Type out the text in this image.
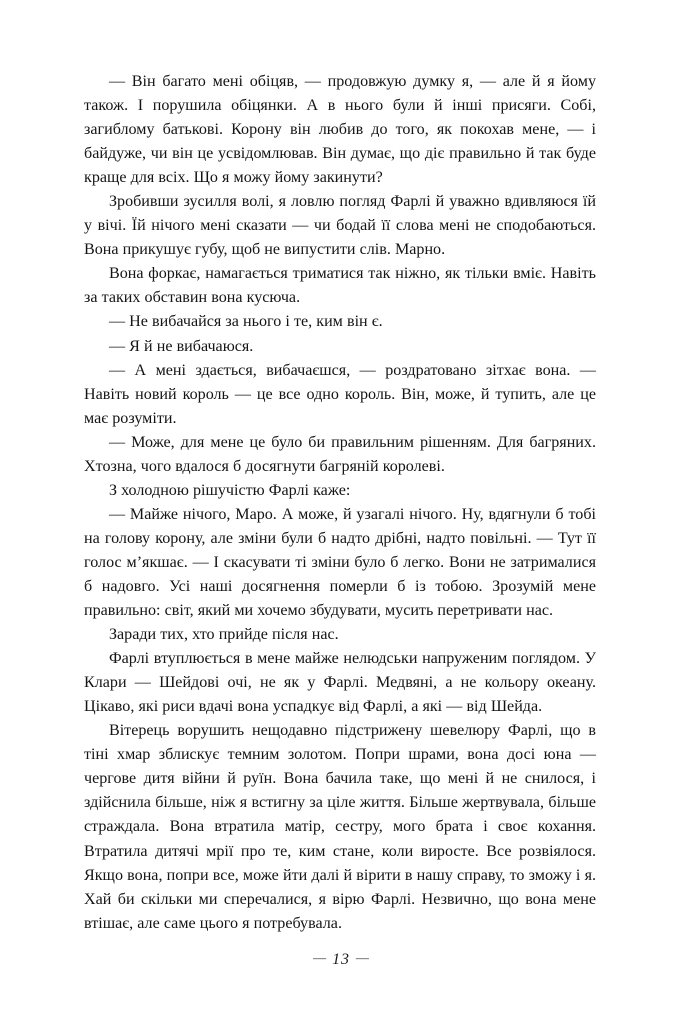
— Він багато мені обіцяв, — продовжую думку я, — але й я йому також. І порушила обіцянки. А в нього були й інші присяги. Собі, загиблому батькові. Корону він любив до того, як покохав мене, — і байдуже, чи він це усвідомлював. Він думає, що діє правильно й так буде краще для всіх. Що я можу йому закинути?

Зробивши зусилля волі, я ловлю погляд Фарлі й уважно вдивляюся їй у вічі. Їй нічого мені сказати — чи бодай її слова мені не сподобаються. Вона прикушує губу, щоб не випустити слів. Марно.

Вона форкає, намагається триматися так ніжно, як тільки вміє. Навіть за таких обставин вона кусюча.

— Не вибачайся за нього і те, ким він є.

— Я й не вибачаюся.

— А мені здається, вибачаєшся, — роздратовано зітхає вона. — Навіть новий король — це все одно король. Він, може, й тупить, але це має розуміти.

— Може, для мене це було би правильним рішенням. Для багряних. Хтозна, чого вдалося б досягнути багряній королеві.

З холодною рішучістю Фарлі каже:

— Майже нічого, Маро. А може, й узагалі нічого. Ну, вдягнули б тобі на голову корону, але зміни були б надто дрібні, надто повільні. — Тут її голос м’якшає. — І скасувати ті зміни було б легко. Вони не затрималися б надовго. Усі наші досягнення померли б із тобою. Зрозумій мене правильно: світ, який ми хочемо збудувати, мусить перетривати нас.

Заради тих, хто прийде після нас.

Фарлі втуплюється в мене майже нелюдськи напруженим поглядом. У Клари — Шейдові очі, не як у Фарлі. Медвяні, а не кольору океану. Цікаво, які риси вдачі вона успадкує від Фарлі, а які — від Шейда.

Вітерець ворушить нещодавно підстрижену шевелюру Фарлі, що в тіні хмар зблискує темним золотом. Попри шрами, вона досі юна — чергове дитя війни й руїн. Вона бачила таке, що мені й не снилося, і здійснила більше, ніж я встигну за ціле життя. Більше жертвувала, більше страждала. Вона втратила матір, сестру, мого брата і своє кохання. Втратила дитячі мрії про те, ким стане, коли виросте. Все розвіялося. Якщо вона, попри все, може йти далі й вірити в нашу справу, то зможу і я. Хай би скільки ми сперечалися, я вірю Фарлі. Незвично, що вона мене втішає, але саме цього я потребувала.

— 13 —
